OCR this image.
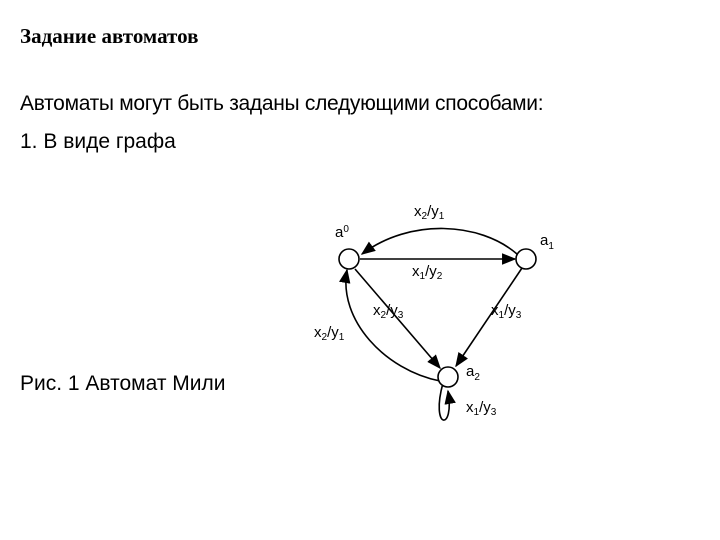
Задание автоматов
Автоматы могут быть заданы следующими способами:
1. В виде графа
Рис. 1 Автомат Мили
$a^0$
$a_1$
$a_2$
$x_2/y_1$
$x_1/y_2$
$x_2/y_3$
$x_2/y_1$
$x_1/y_3$
$x_1/y_3$
